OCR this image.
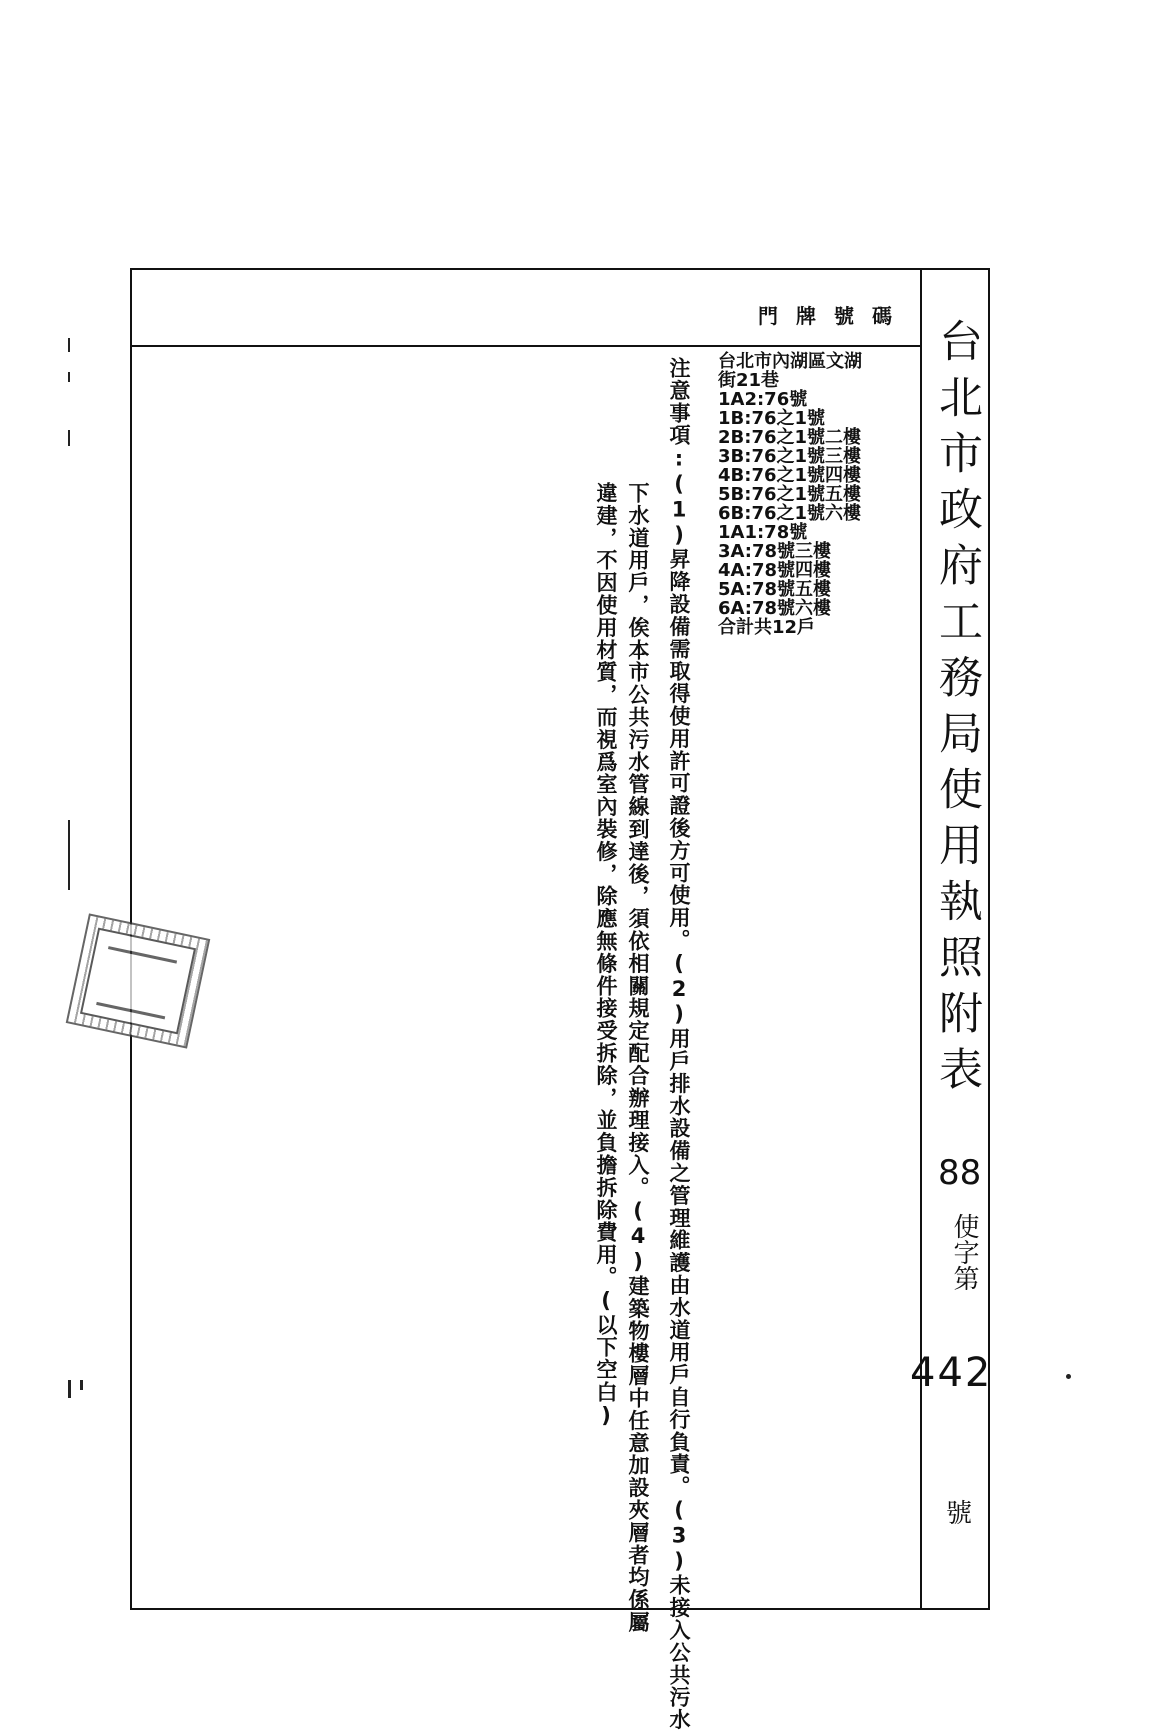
台北市政府工務局使用執照附表
門牌號碼
台北市內湖區文湖
街21巷
1A2:76號
1B:76之1號
2B:76之1號二樓
3B:76之1號三樓
4B:76之1號四樓
5B:76之1號五樓
6B:76之1號六樓
1A1:78號
3A:78號三樓
4A:78號四樓
5A:78號五樓
6A:78號六樓
合計共12戶
注意事項:(1)昇降設備需取得使用許可證後方可使用。(2)用戶排水設備之管理維護由水道用戶自行負責。(3)未接入公共污水
下水道用戶，俟本市公共污水管線到達後，須依相關規定配合辦理接入。(4)建築物樓層中任意加設夾層者均係屬
違建，不因使用材質，而視爲室內裝修，除應無條件接受拆除，並負擔拆除費用。(以下空白)	88
使字第
442
號
